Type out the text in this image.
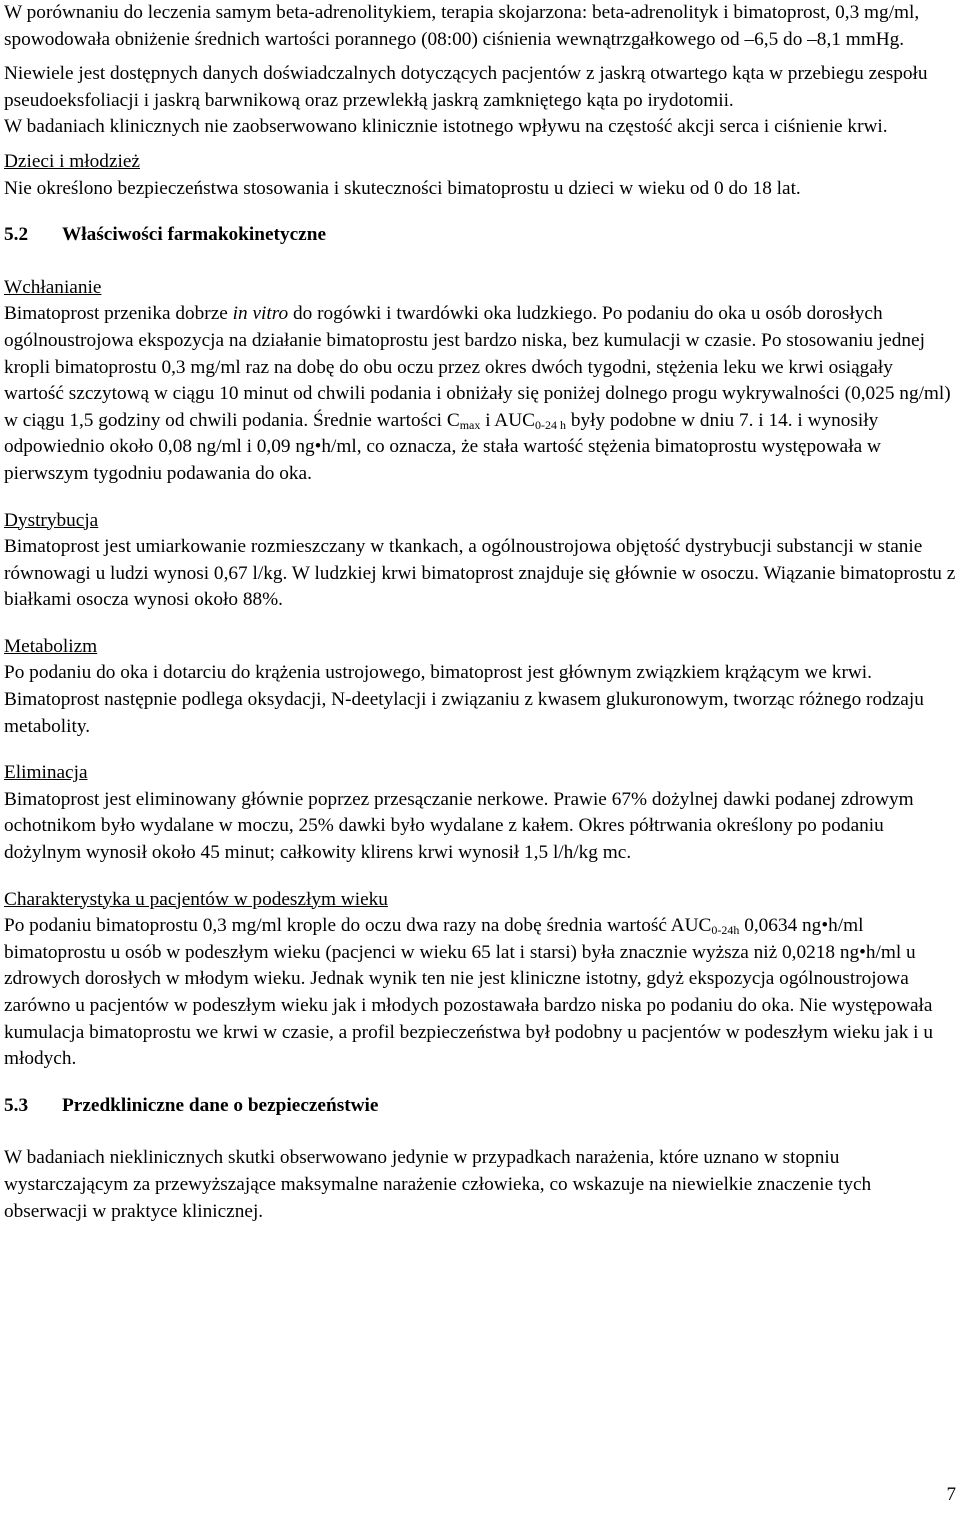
W porównaniu do leczenia samym beta-adrenolitykiem, terapia skojarzona: beta-adrenolityk i bimatoprost, 0,3 mg/ml, spowodowała obniżenie średnich wartości porannego (08:00) ciśnienia wewnątrzgałkowego od –6,5 do –8,1 mmHg.

Niewiele jest dostępnych danych doświadczalnych dotyczących pacjentów z jaskrą otwartego kąta w przebiegu zespołu pseudoeksfoliacji i jaskrą barwnikową oraz przewlekłą jaskrą zamkniętego kąta po irydotomii.

W badaniach klinicznych nie zaobserwowano klinicznie istotnego wpływu na częstość akcji serca i ciśnienie krwi.

Dzieci i młodzież

Nie określono bezpieczeństwa stosowania i skuteczności bimatoprostu u dzieci w wieku od 0 do 18 lat.

5.2	Właściwości farmakokinetyczne

Wchłanianie

Bimatoprost przenika dobrze in vitro do rogówki i twardówki oka ludzkiego. Po podaniu do oka u osób dorosłych ogólnoustrojowa ekspozycja na działanie bimatoprostu jest bardzo niska, bez kumulacji w czasie. Po stosowaniu jednej kropli bimatoprostu 0,3 mg/ml raz na dobę do obu oczu przez okres dwóch tygodni, stężenia leku we krwi osiągały wartość szczytową w ciągu 10 minut od chwili podania i obniżały się poniżej dolnego progu wykrywalności (0,025 ng/ml) w ciągu 1,5 godziny od chwili podania. Średnie wartości $C_{max}$ i $AUC_{0-24 h}$ były podobne w dniu 7. i 14. i wynosiły odpowiednio około 0,08 ng/ml i 0,09 ng•h/ml, co oznacza, że stała wartość stężenia bimatoprostu występowała w pierwszym tygodniu podawania do oka.

Dystrybucja

Bimatoprost jest umiarkowanie rozmieszczany w tkankach, a ogólnoustrojowa objętość dystrybucji substancji w stanie równowagi u ludzi wynosi 0,67 l/kg. W ludzkiej krwi bimatoprost znajduje się głównie w osoczu. Wiązanie bimatoprostu z białkami osocza wynosi około 88%.

Metabolizm

Po podaniu do oka i dotarciu do krążenia ustrojowego, bimatoprost jest głównym związkiem krążącym we krwi. Bimatoprost następnie podlega oksydacji, N-deetylacji i związaniu z kwasem glukuronowym, tworząc różnego rodzaju metabolity.

Eliminacja

Bimatoprost jest eliminowany głównie poprzez przesączanie nerkowe. Prawie 67% dożylnej dawki podanej zdrowym ochotnikom było wydalane w moczu, 25% dawki było wydalane z kałem. Okres półtrwania określony po podaniu dożylnym wynosił około 45 minut; całkowity klirens krwi wynosił 1,5 l/h/kg mc.

Charakterystyka u pacjentów w podeszłym wieku

Po podaniu bimatoprostu 0,3 mg/ml krople do oczu dwa razy na dobę średnia wartość $AUC_{0-24h}$ 0,0634 ng•h/ml bimatoprostu u osób w podeszłym wieku (pacjenci w wieku 65 lat i starsi) była znacznie wyższa niż 0,0218 ng•h/ml u zdrowych dorosłych w młodym wieku. Jednak wynik ten nie jest kliniczne istotny, gdyż ekspozycja ogólnoustrojowa zarówno u pacjentów w podeszłym wieku jak i młodych pozostawała bardzo niska po podaniu do oka. Nie występowała kumulacja bimatoprostu we krwi w czasie, a profil bezpieczeństwa był podobny u pacjentów w podeszłym wieku jak i u młodych.

5.3	Przedkliniczne dane o bezpieczeństwie

W badaniach nieklinicznych skutki obserwowano jedynie w przypadkach narażenia, które uznano w stopniu wystarczającym za przewyższające maksymalne narażenie człowieka, co wskazuje na niewielkie znaczenie tych obserwacji w praktyce klinicznej.

7
